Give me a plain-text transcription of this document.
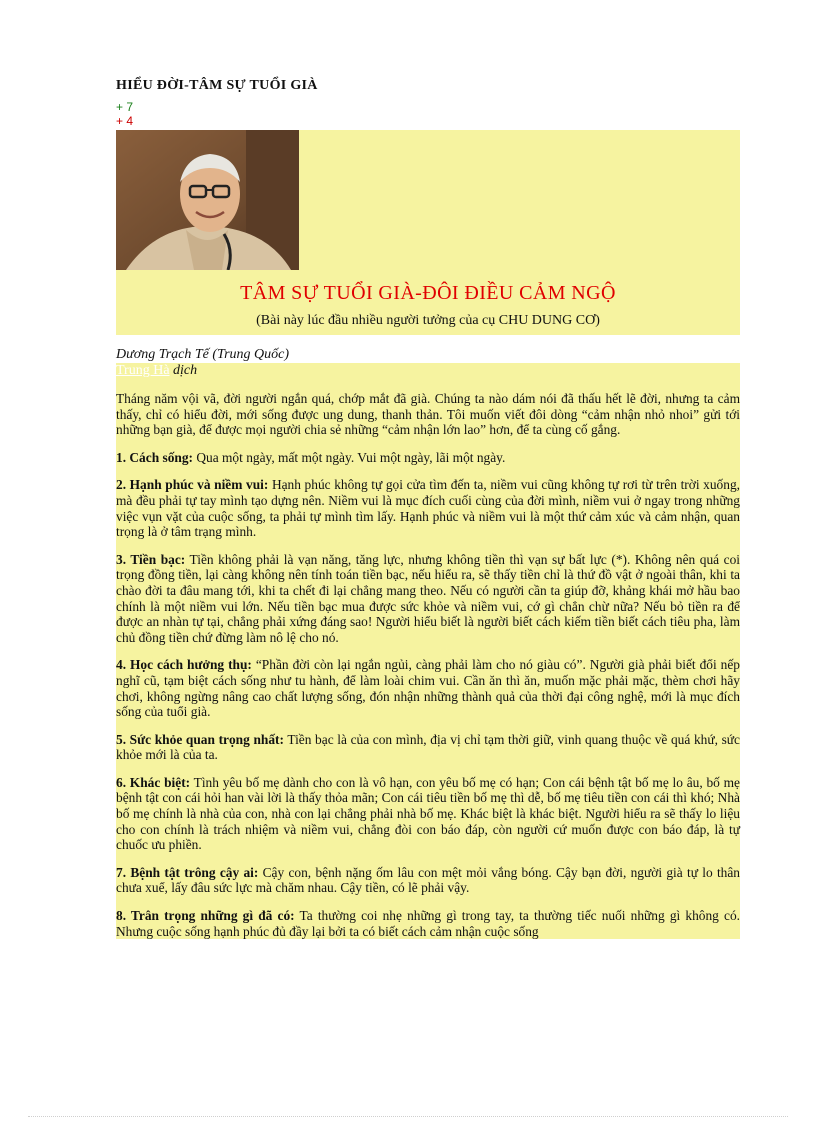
HIỂU ĐỜI-TÂM SỰ TUỔI GIÀ
+ 7
+ 4
TÂM SỰ TUỔI GIÀ-ĐÔI ĐIỀU CẢM NGỘ
(Bài này lúc đầu nhiều người tưởng của cụ CHU DUNG CƠ)
Dương Trạch Tế (Trung Quốc)
Trung Hà dịch

Tháng năm vội vã, đời người ngắn quá, chớp mắt đã già. Chúng ta nào dám nói đã thấu hết lẽ đời, nhưng ta cảm thấy, chỉ có hiểu đời, mới sống được ung dung, thanh thản. Tôi muốn viết đôi dòng “cảm nhận nhỏ nhoi” gửi tới những bạn già, để được mọi người chia sẻ những “cảm nhận lớn lao” hơn, để ta cùng cố gắng.

1. Cách sống: Qua một ngày, mất một ngày. Vui một ngày, lãi một ngày.

2. Hạnh phúc và niềm vui: Hạnh phúc không tự gọi cửa tìm đến ta, niềm vui cũng không tự rơi từ trên trời xuống, mà đều phải tự tay mình tạo dựng nên. Niềm vui là mục đích cuối cùng của đời mình, niềm vui ở ngay trong những việc vụn vặt của cuộc sống, ta phải tự mình tìm lấy. Hạnh phúc và niềm vui là một thứ cảm xúc và cảm nhận, quan trọng là ở tâm trạng mình.

3. Tiền bạc: Tiền không phải là vạn năng, tăng lực, nhưng không tiền thì vạn sự bất lực (*). Không nên quá coi trọng đồng tiền, lại càng không nên tính toán tiền bạc, nếu hiểu ra, sẽ thấy tiền chỉ là thứ đồ vật ở ngoài thân, khi ta chào đời ta đâu mang tới, khi ta chết đi lại chẳng mang theo. Nếu có người cần ta giúp đỡ, khảng khái mở hầu bao chính là một niềm vui lớn. Nếu tiền bạc mua được sức khỏe và niềm vui, cớ gì chẳn chừ nữa? Nếu bỏ tiền ra để được an nhàn tự tại, chẳng phải xứng đáng sao! Người hiểu biết là người biết cách kiếm tiền biết cách tiêu pha, làm chủ đồng tiền chứ đừng làm nô lệ cho nó.

4. Học cách hưởng thụ: “Phần đời còn lại ngắn ngủi, càng phải làm cho nó giàu có”. Người già phải biết đổi nếp nghĩ cũ, tạm biệt cách sống như tu hành, để làm loài chim vui. Cần ăn thì ăn, muốn mặc phải mặc, thèm chơi hãy chơi, không ngừng nâng cao chất lượng sống, đón nhận những thành quả của thời đại công nghệ, mới là mục đích sống của tuổi già.

5. Sức khỏe quan trọng nhất: Tiền bạc là của con mình, địa vị chỉ tạm thời giữ, vinh quang thuộc về quá khứ, sức khỏe mới là của ta.

6. Khác biệt: Tình yêu bố mẹ dành cho con là vô hạn, con yêu bố mẹ có hạn; Con cái bệnh tật bố mẹ lo âu, bố mẹ bệnh tật con cái hỏi han vài lời là thấy thỏa mãn; Con cái tiêu tiền bố mẹ thì dễ, bố mẹ tiêu tiền con cái thì khó; Nhà bố mẹ chính là nhà của con, nhà con lại chẳng phải nhà bố mẹ. Khác biệt là khác biệt. Người hiểu ra sẽ thấy lo liệu cho con chính là trách nhiệm và niềm vui, chẳng đòi con báo đáp, còn người cứ muốn được con báo đáp, là tự chuốc ưu phiền.

7. Bệnh tật trông cậy ai: Cậy con, bệnh nặng ốm lâu con mệt mỏi vắng bóng. Cậy bạn đời, người già tự lo thân chưa xuể, lấy đâu sức lực mà chăm nhau. Cậy tiền, có lẽ phải vậy.

8. Trân trọng những gì đã có: Ta thường coi nhẹ những gì trong tay, ta thường tiếc nuối những gì không có. Nhưng cuộc sống hạnh phúc đủ đầy lại bởi ta có biết cách cảm nhận cuộc sống
